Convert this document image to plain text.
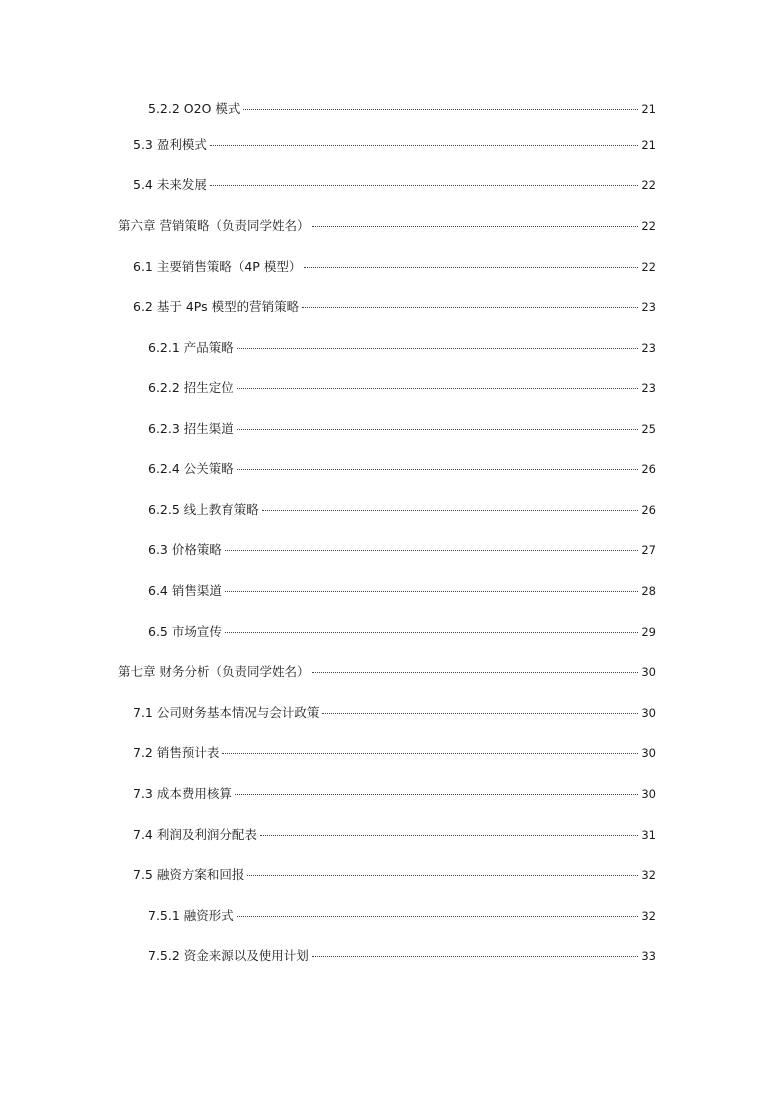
5.2.2 O2O 模式	21
5.3 盈利模式	21
5.4 未来发展	22
第六章 营销策略（负责同学姓名）	22
6.1 主要销售策略（4P 模型）	22
6.2 基于 4Ps 模型的营销策略	23
6.2.1 产品策略	23
6.2.2 招生定位	23
6.2.3 招生渠道	25
6.2.4 公关策略	26
6.2.5 线上教育策略	26
6.3 价格策略	27
6.4 销售渠道	28
6.5 市场宣传	29
第七章 财务分析（负责同学姓名）	30
7.1 公司财务基本情况与会计政策	30
7.2 销售预计表	30
7.3 成本费用核算	30
7.4 利润及利润分配表	31
7.5 融资方案和回报	32
7.5.1 融资形式	32
7.5.2 资金来源以及使用计划	33
